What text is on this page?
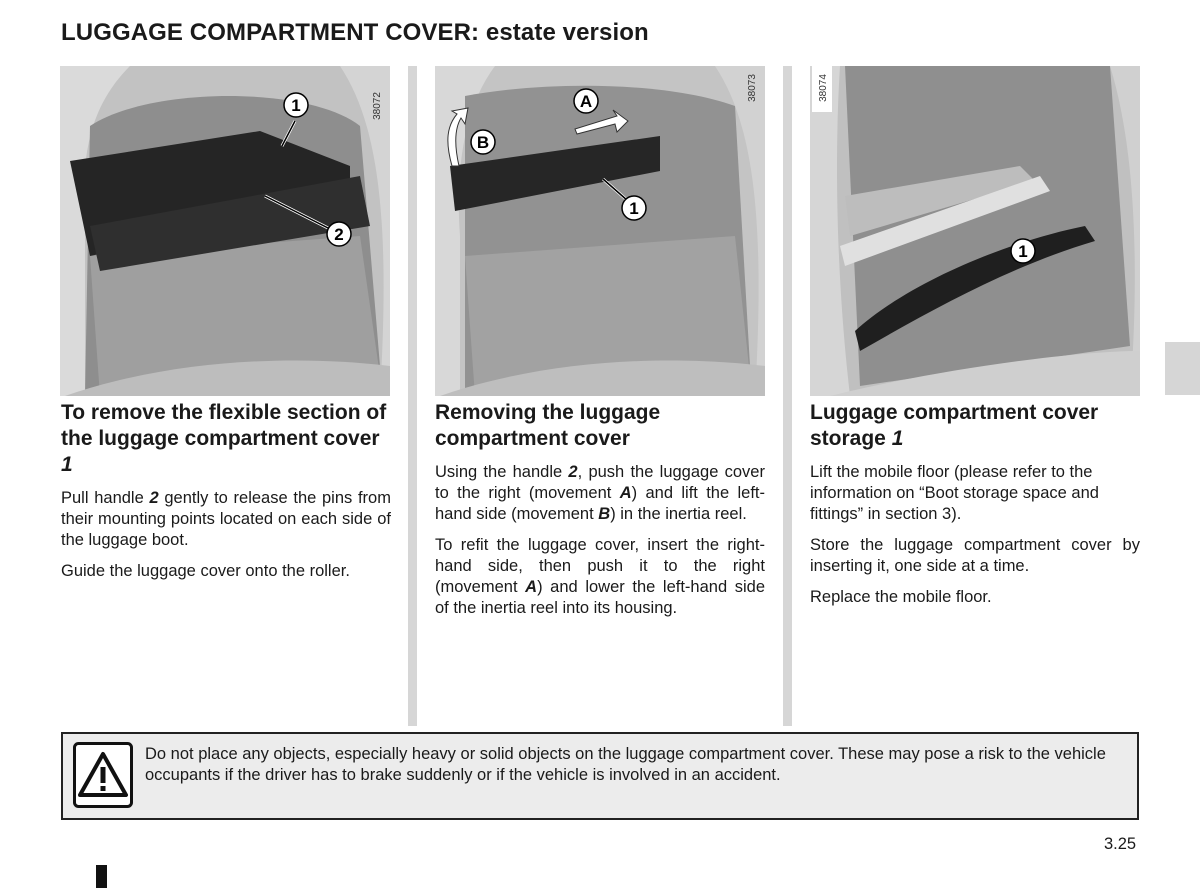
LUGGAGE COMPARTMENT COVER: estate version
1
2
38072	A
B
1
38073
1
38074
To remove the flexible section of the luggage compartment cover 1

Pull handle 2 gently to release the pins from their mounting points located on each side of the luggage boot.

Guide the luggage cover onto the roller.

Removing the luggage compartment cover

Using the handle 2, push the luggage cover to the right (movement A) and lift the left-hand side (movement B) in the inertia reel.

To refit the luggage cover, insert the right-hand side, then push it to the right (movement A) and lower the left-hand side of the inertia reel into its housing.

Luggage compartment cover storage 1

Lift the mobile floor (please refer to the information on “Boot storage space and fittings” in section 3).

Store the luggage compartment cover by inserting it, one side at a time.

Replace the mobile floor.

Do not place any objects, especially heavy or solid objects on the luggage compartment cover. These may pose a risk to the vehicle occupants if the driver has to brake suddenly or if the vehicle is involved in an accident.

3.25
